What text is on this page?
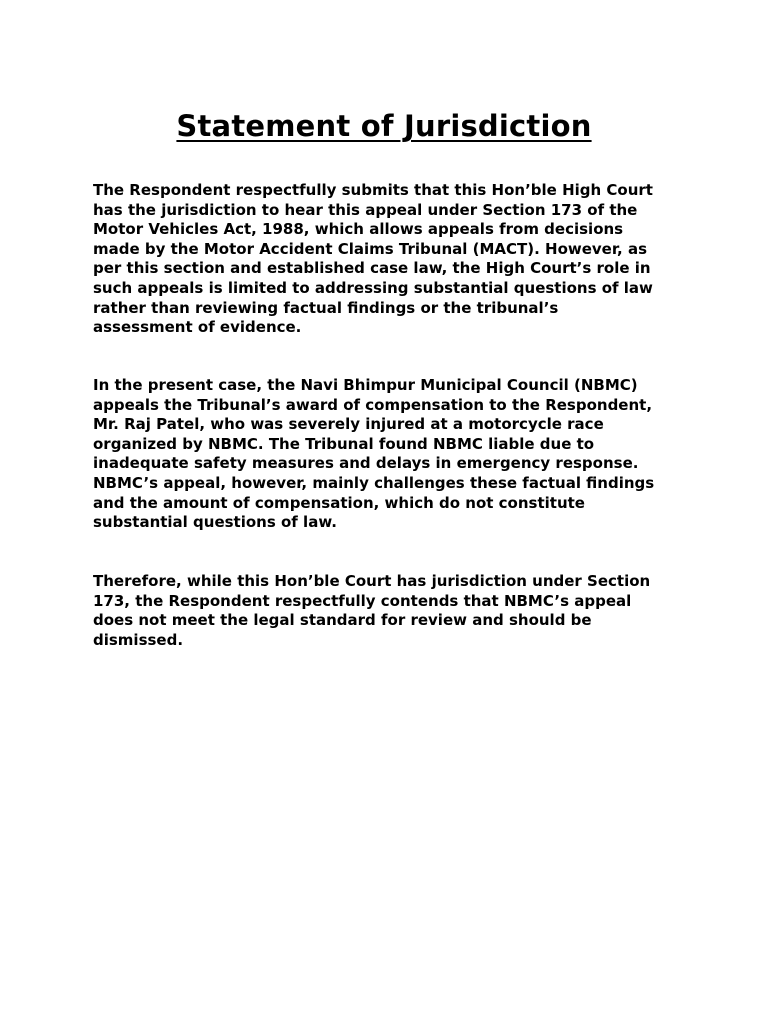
Statement of Jurisdiction

The Respondent respectfully submits that this Hon’ble High Court
has the jurisdiction to hear this appeal under Section 173 of the
Motor Vehicles Act, 1988, which allows appeals from decisions
made by the Motor Accident Claims Tribunal (MACT). However, as
per this section and established case law, the High Court’s role in
such appeals is limited to addressing substantial questions of law
rather than reviewing factual findings or the tribunal’s
assessment of evidence.

In the present case, the Navi Bhimpur Municipal Council (NBMC)
appeals the Tribunal’s award of compensation to the Respondent,
Mr. Raj Patel, who was severely injured at a motorcycle race
organized by NBMC. The Tribunal found NBMC liable due to
inadequate safety measures and delays in emergency response.
NBMC’s appeal, however, mainly challenges these factual findings
and the amount of compensation, which do not constitute
substantial questions of law.

Therefore, while this Hon’ble Court has jurisdiction under Section
173, the Respondent respectfully contends that NBMC’s appeal
does not meet the legal standard for review and should be
dismissed.
